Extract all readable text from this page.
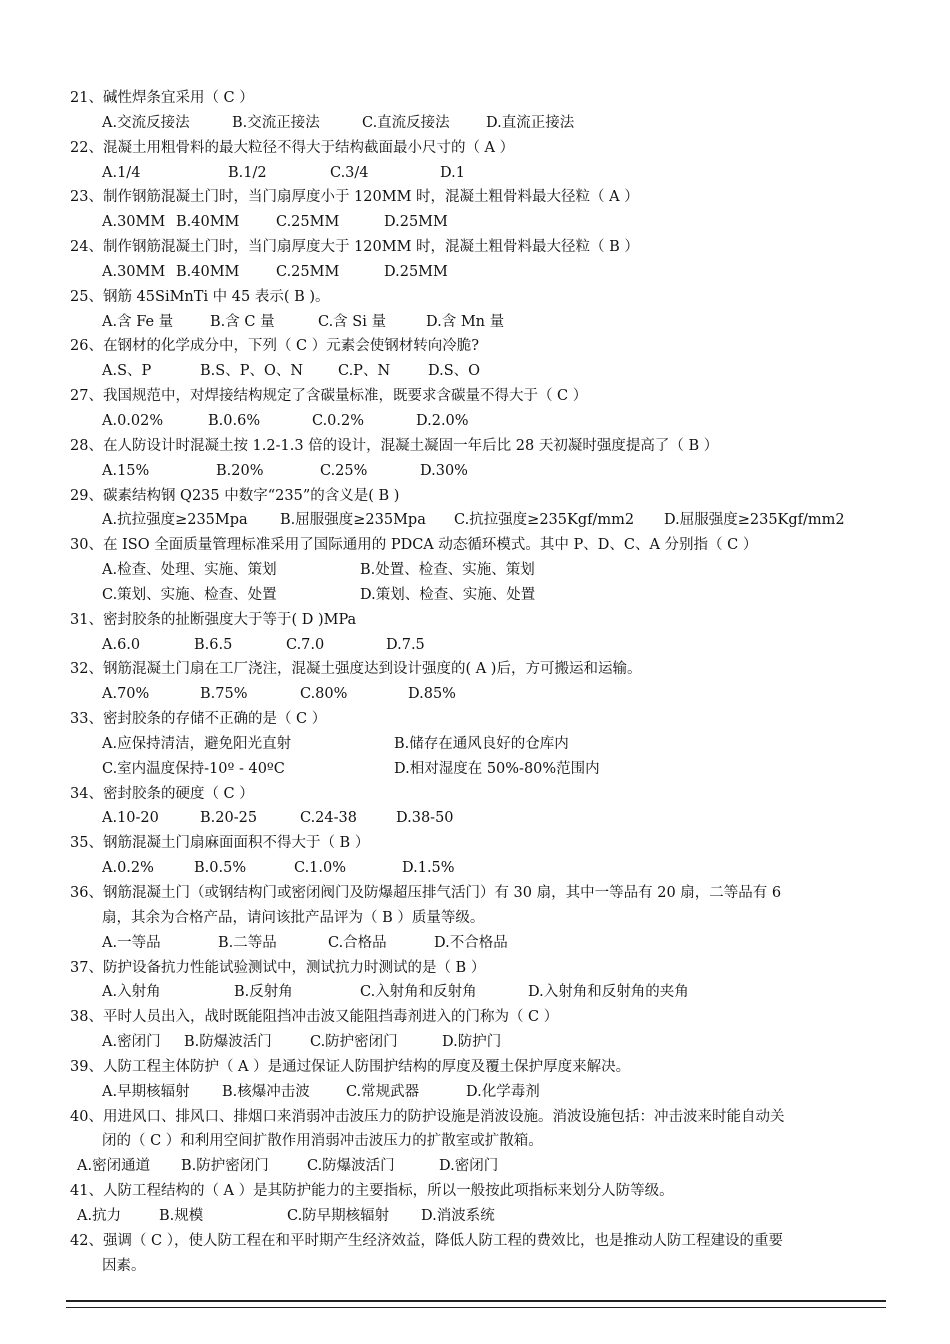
21、碱性焊条宜采用（ C ）
A.交流反接法	B.交流正接法	C.直流反接法	D.直流正接法
22、混凝土用粗骨料的最大粒径不得大于结构截面最小尺寸的（ A ）
A.1/4	B.1/2	C.3/4	D.1
23、制作钢筋混凝土门时，当门扇厚度小于 120MM 时，混凝土粗骨料最大径粒（ A ）
A.30MM B.40MM	C.25MM	D.25MM
24、制作钢筋混凝土门时，当门扇厚度大于 120MM 时，混凝土粗骨料最大径粒（ B ）
A.30MM B.40MM	C.25MM	D.25MM
25、钢筋 45SiMnTi 中 45 表示( B )。
A.含 Fe 量	B.含 C 量	C.含 Si 量	D.含 Mn 量
26、在钢材的化学成分中，下列（ C ）元素会使钢材转向冷脆?
A.S、P	B.S、P、O、N C.P、N	D.S、O
27、我国规范中，对焊接结构规定了含碳量标准，既要求含碳量不得大于（ C ）
A.0.02%	B.0.6%	C.0.2%	D.2.0%
28、在人防设计时混凝土按 1.2-1.3 倍的设计，混凝土凝固一年后比 28 天初凝时强度提高了（ B ）
A.15%	B.20%	C.25%	D.30%
29、碳素结构钢 Q235 中数字“235”的含义是( B )
A.抗拉强度≥235Mpa B.屈服强度≥235Mpa C.抗拉强度≥235Kgf/mm2 D.屈服强度≥235Kgf/mm2
30、在 ISO 全面质量管理标准采用了国际通用的 PDCA 动态循环模式。其中 P、D、C、A 分别指（ C ）
A.检查、处理、实施、策划	B.处置、检查、实施、策划
C.策划、实施、检查、处置	D.策划、检查、实施、处置
31、密封胶条的扯断强度大于等于( D )MPa
A.6.0	B.6.5	C.7.0	D.7.5
32、钢筋混凝土门扇在工厂浇注，混凝土强度达到设计强度的( A )后，方可搬运和运输。
A.70%	B.75%	C.80%	D.85%
33、密封胶条的存储不正确的是（ C ）
A.应保持清洁，避免阳光直射	B.储存在通风良好的仓库内
C.室内温度保持-10º - 40ºC	D.相对湿度在 50%-80%范围内
34、密封胶条的硬度（ C ）
A.10-20	B.20-25	C.24-38	D.38-50
35、钢筋混凝土门扇麻面面积不得大于（ B ）
A.0.2%	B.0.5%	C.1.0%	D.1.5%
36、钢筋混凝土门（或钢结构门或密闭阀门及防爆超压排气活门）有 30 扇，其中一等品有 20 扇，二等品有 6
扇，其余为合格产品，请问该批产品评为（ B ）质量等级。
A.一等品	B.二等品	C.合格品	D.不合格品
37、防护设备抗力性能试验测试中，测试抗力时测试的是（ B ）
A.入射角	B.反射角	C.入射角和反射角	D.入射角和反射角的夹角
38、平时人员出入，战时既能阻挡冲击波又能阻挡毒剂进入的门称为（ C ）
A.密闭门 B.防爆波活门	C.防护密闭门	D.防护门
39、人防工程主体防护（ A ）是通过保证人防围护结构的厚度及覆土保护厚度来解决。
A.早期核辐射 B.核爆冲击波 C.常规武器	D.化学毒剂
40、用进风口、排风口、排烟口来消弱冲击波压力的防护设施是消波设施。消波设施包括：冲击波来时能自动关
闭的（ C ）和利用空间扩散作用消弱冲击波压力的扩散室或扩散箱。
A.密闭通道 B.防护密闭门	C.防爆波活门	D.密闭门
41、人防工程结构的（ A ）是其防护能力的主要指标，所以一般按此项指标来划分人防等级。
A.抗力	B.规模	C.防早期核辐射 D.消波系统
42、强调（ C ），使人防工程在和平时期产生经济效益，降低人防工程的费效比，也是推动人防工程建设的重要
因素。
